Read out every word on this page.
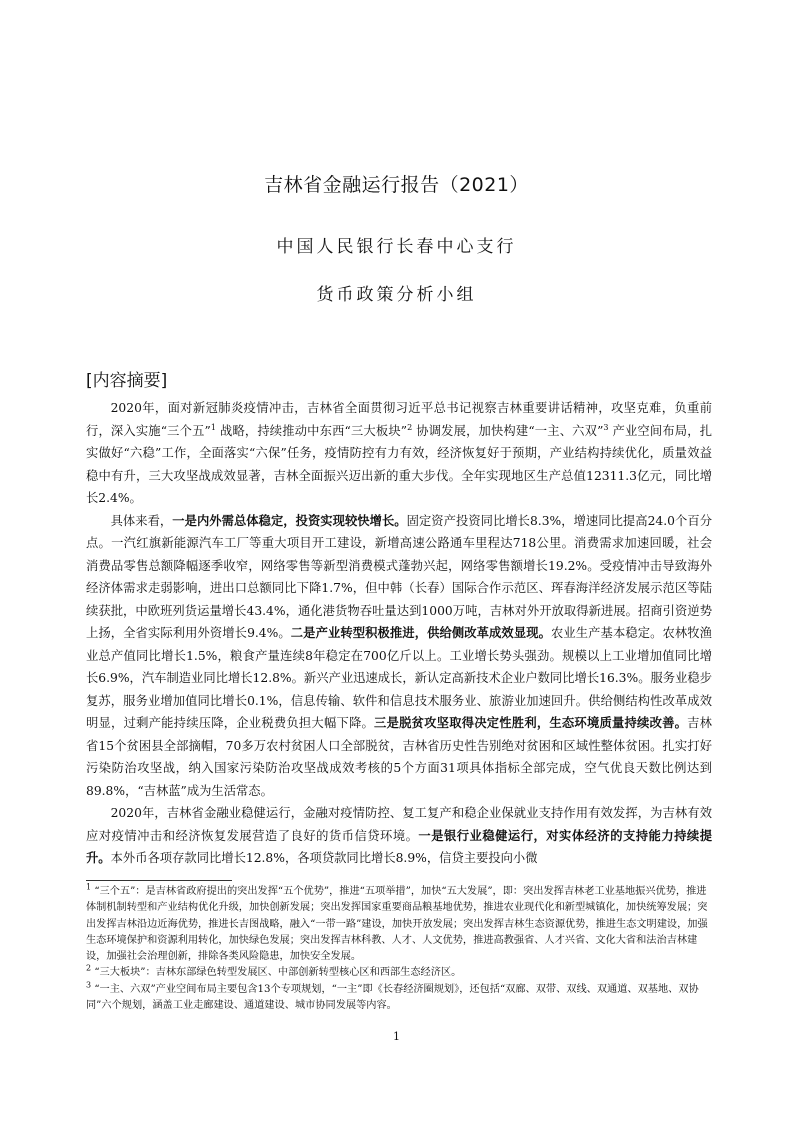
吉林省金融运行报告（2021）
中国人民银行长春中心支行
货币政策分析小组
[内容摘要]

2020年，面对新冠肺炎疫情冲击，吉林省全面贯彻习近平总书记视察吉林重要讲话精神，攻坚克难，负重前行，深入实施“三个五”$^1$ 战略，持续推动中东西“三大板块”$^2$ 协调发展，加快构建“一主、六双”$^3$ 产业空间布局，扎实做好“六稳”工作，全面落实“六保”任务，疫情防控有力有效，经济恢复好于预期，产业结构持续优化，质量效益稳中有升，三大攻坚战成效显著，吉林全面振兴迈出新的重大步伐。全年实现地区生产总值12311.3亿元，同比增长2.4%。

具体来看，一是内外需总体稳定，投资实现较快增长。固定资产投资同比增长8.3%，增速同比提高24.0个百分点。一汽红旗新能源汽车工厂等重大项目开工建设，新增高速公路通车里程达718公里。消费需求加速回暖，社会消费品零售总额降幅逐季收窄，网络零售等新型消费模式蓬勃兴起，网络零售额增长19.2%。受疫情冲击导致海外经济体需求走弱影响，进出口总额同比下降1.7%，但中韩（长春）国际合作示范区、珲春海洋经济发展示范区等陆续获批，中欧班列货运量增长43.4%，通化港货物吞吐量达到1000万吨，吉林对外开放取得新进展。招商引资逆势上扬，全省实际利用外资增长9.4%。二是产业转型积极推进，供给侧改革成效显现。农业生产基本稳定。农林牧渔业总产值同比增长1.5%，粮食产量连续8年稳定在700亿斤以上。工业增长势头强劲。规模以上工业增加值同比增长6.9%，汽车制造业同比增长12.8%。新兴产业迅速成长，新认定高新技术企业户数同比增长16.3%。服务业稳步复苏，服务业增加值同比增长0.1%，信息传输、软件和信息技术服务业、旅游业加速回升。供给侧结构性改革成效明显，过剩产能持续压降，企业税费负担大幅下降。三是脱贫攻坚取得决定性胜利，生态环境质量持续改善。吉林省15个贫困县全部摘帽，70多万农村贫困人口全部脱贫，吉林省历史性告别绝对贫困和区域性整体贫困。扎实打好污染防治攻坚战，纳入国家污染防治攻坚战成效考核的5个方面31项具体指标全部完成，空气优良天数比例达到89.8%，“吉林蓝”成为生活常态。

2020年，吉林省金融业稳健运行，金融对疫情防控、复工复产和稳企业保就业支持作用有效发挥，为吉林有效应对疫情冲击和经济恢复发展营造了良好的货币信贷环境。一是银行业稳健运行，对实体经济的支持能力持续提升。本外币各项存款同比增长12.8%，各项贷款同比增长8.9%，信贷主要投向小微

$^1$ “三个五”：是吉林省政府提出的突出发挥“五个优势”，推进“五项举措”，加快“五大发展”，即：突出发挥吉林老工业基地振兴优势，推进体制机制转型和产业结构优化升级，加快创新发展；突出发挥国家重要商品粮基地优势，推进农业现代化和新型城镇化，加快统筹发展；突出发挥吉林沿边近海优势，推进长吉图战略，融入“一带一路”建设，加快开放发展；突出发挥吉林生态资源优势，推进生态文明建设，加强生态环境保护和资源利用转化，加快绿色发展；突出发挥吉林科教、人才、人文优势，推进高教强省、人才兴省、文化大省和法治吉林建设，加强社会治理创新，排除各类风险隐患，加快安全发展。

$^2$ “三大板块”：吉林东部绿色转型发展区、中部创新转型核心区和西部生态经济区。

$^3$ “一主、六双”产业空间布局主要包含13个专项规划，“一主”即《长春经济圈规划》，还包括“双廊、双带、双线、双通道、双基地、双协同”六个规划，涵盖工业走廊建设、通道建设、城市协同发展等内容。

1
